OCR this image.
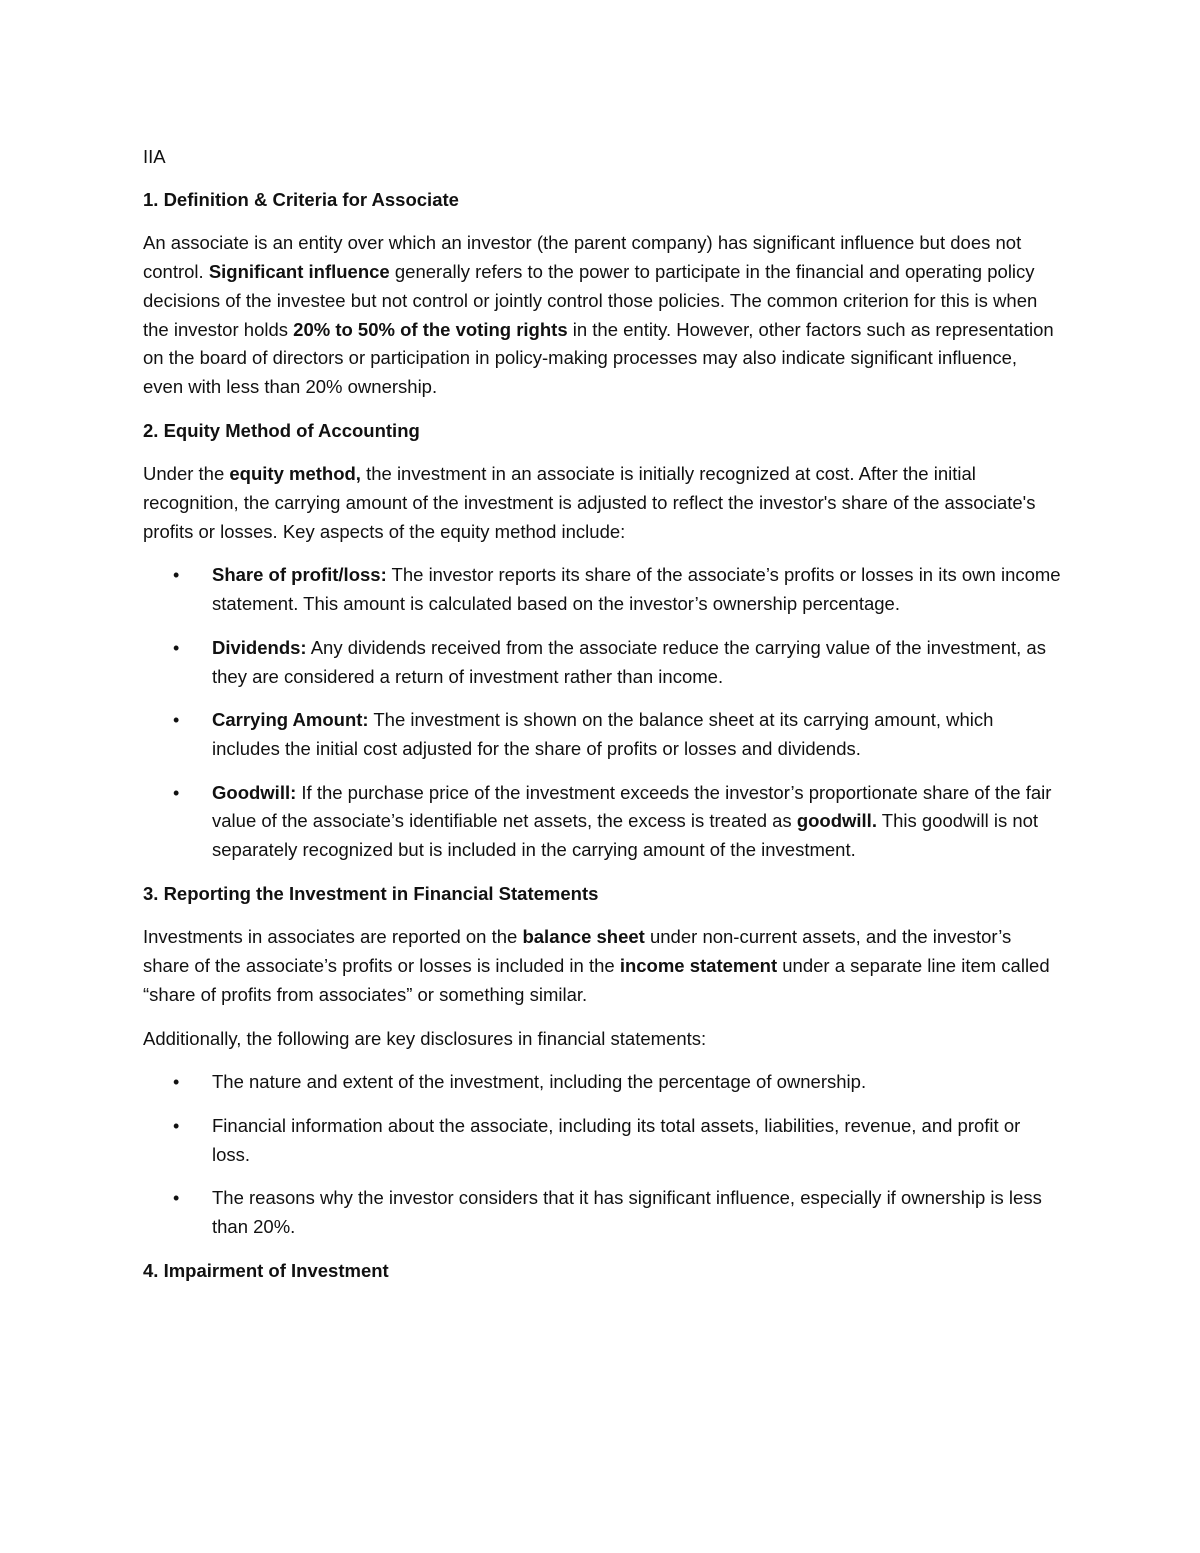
IIA

1. Definition & Criteria for Associate

An associate is an entity over which an investor (the parent company) has significant influence but does not control. Significant influence generally refers to the power to participate in the financial and operating policy decisions of the investee but not control or jointly control those policies. The common criterion for this is when the investor holds 20% to 50% of the voting rights in the entity. However, other factors such as representation on the board of directors or participation in policy-making processes may also indicate significant influence, even with less than 20% ownership.

2. Equity Method of Accounting

Under the equity method, the investment in an associate is initially recognized at cost. After the initial recognition, the carrying amount of the investment is adjusted to reflect the investor's share of the associate's profits or losses. Key aspects of the equity method include:

• Share of profit/loss: The investor reports its share of the associate’s profits or losses in its own income statement. This amount is calculated based on the investor’s ownership percentage.
• Dividends: Any dividends received from the associate reduce the carrying value of the investment, as they are considered a return of investment rather than income.
• Carrying Amount: The investment is shown on the balance sheet at its carrying amount, which includes the initial cost adjusted for the share of profits or losses and dividends.
• Goodwill: If the purchase price of the investment exceeds the investor’s proportionate share of the fair value of the associate’s identifiable net assets, the excess is treated as goodwill. This goodwill is not separately recognized but is included in the carrying amount of the investment.
3. Reporting the Investment in Financial Statements

Investments in associates are reported on the balance sheet under non-current assets, and the investor’s share of the associate’s profits or losses is included in the income statement under a separate line item called “share of profits from associates” or something similar.

Additionally, the following are key disclosures in financial statements:

• The nature and extent of the investment, including the percentage of ownership.
• Financial information about the associate, including its total assets, liabilities, revenue, and profit or loss.
• The reasons why the investor considers that it has significant influence, especially if ownership is less than 20%.
4. Impairment of Investment
